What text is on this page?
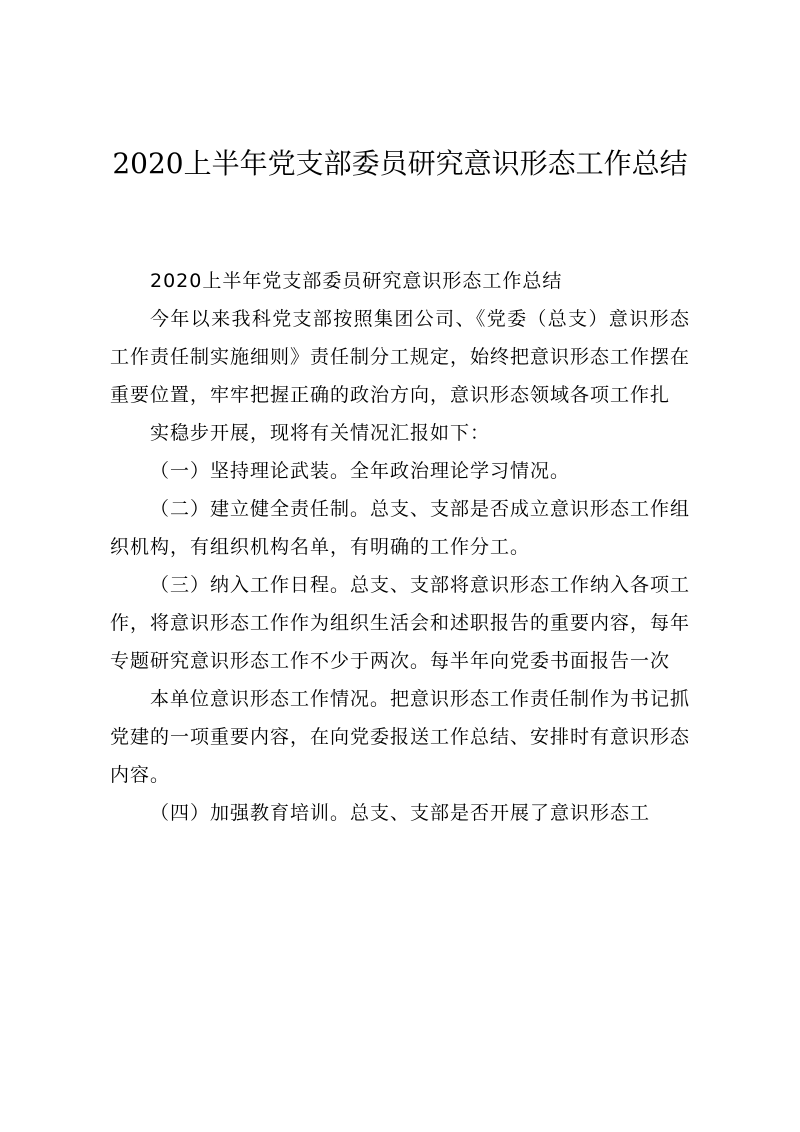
2020上半年党支部委员研究意识形态工作总结

2020上半年党支部委员研究意识形态工作总结

今年以来我科党支部按照集团公司、《党委（总支）意识形态工作责任制实施细则》责任制分工规定，始终把意识形态工作摆在重要位置，牢牢把握正确的政治方向，意识形态领域各项工作扎

实稳步开展，现将有关情况汇报如下：

（一）坚持理论武装。全年政治理论学习情况。

（二）建立健全责任制。总支、支部是否成立意识形态工作组织机构，有组织机构名单，有明确的工作分工。

（三）纳入工作日程。总支、支部将意识形态工作纳入各项工作，将意识形态工作作为组织生活会和述职报告的重要内容，每年专题研究意识形态工作不少于两次。每半年向党委书面报告一次

本单位意识形态工作情况。把意识形态工作责任制作为书记抓党建的一项重要内容，在向党委报送工作总结、安排时有意识形态内容。

（四）加强教育培训。总支、支部是否开展了意识形态工
